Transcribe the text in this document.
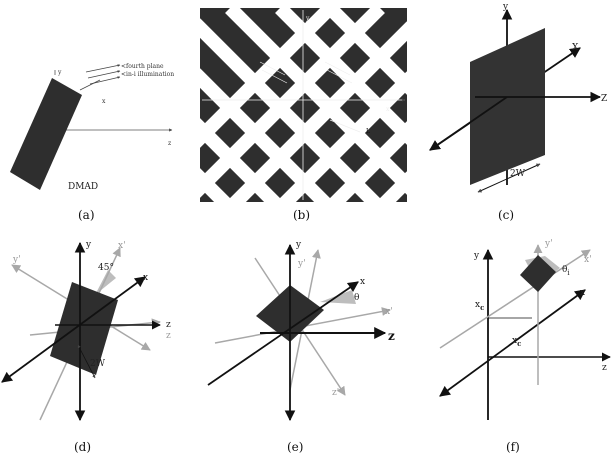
<fourth plane
<in-i illumination
y
x
z
DMAD
(a)
y
x
L
(b)
y
X
Z
2W
(c)
y	x'
45°
x
y'
z
z
2W
(d)
y
y'
x
θ
x'
z
z'
(e)
y
y'
x'
$\theta_i$
x
$x_c$
$x_c$
z
(f)
